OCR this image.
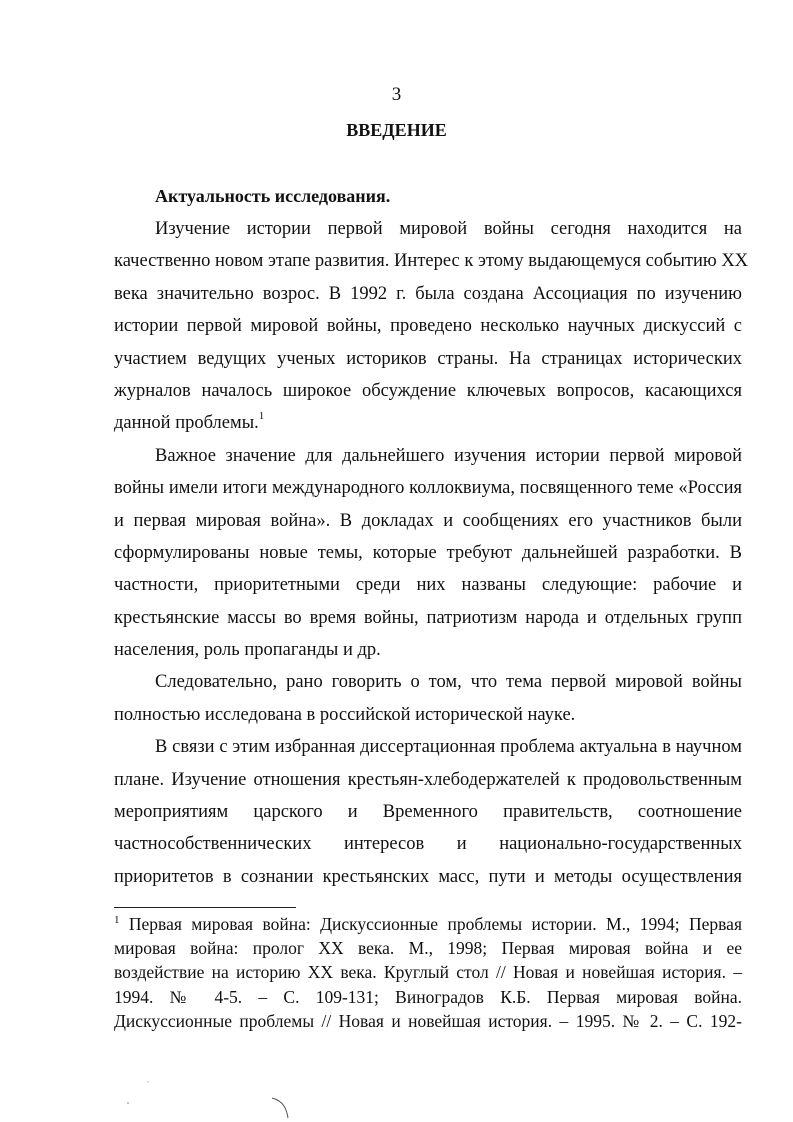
3
ВВЕДЕНИЕ
Актуальность исследования.
Изучение истории первой мировой войны сегодня находится на
качественно новом этапе развития. Интерес к этому выдающемуся событию XX
века значительно возрос. В 1992 г. была создана Ассоциация по изучению
истории первой мировой войны, проведено несколько научных дискуссий с
участием ведущих ученых историков страны. На страницах исторических
журналов началось широкое обсуждение ключевых вопросов, касающихся
данной проблемы.$^1$
Важное значение для дальнейшего изучения истории первой мировой
войны имели итоги международного коллоквиума, посвященного теме «Россия
и первая мировая война». В докладах и сообщениях его участников были
сформулированы новые темы, которые требуют дальнейшей разработки. В
частности, приоритетными среди них названы следующие: рабочие и
крестьянские массы во время войны, патриотизм народа и отдельных групп
населения, роль пропаганды и др.
Следовательно, рано говорить о том, что тема первой мировой войны
полностью исследована в российской исторической науке.
В связи с этим избранная диссертационная проблема актуальна в научном
плане. Изучение отношения крестьян-хлебодержателей к продовольственным
мероприятиям царского и Временного правительств, соотношение
частнособственнических интересов и национально-государственных
приоритетов в сознании крестьянских масс, пути и методы осуществления
$^1$ Первая мировая война: Дискуссионные проблемы истории. М., 1994; Первая
мировая война: пролог XX века. М., 1998; Первая мировая война и ее
воздействие на историю XX века. Круглый стол // Новая и новейшая история. –
1994. № 4-5. – С. 109-131; Виноградов К.Б. Первая мировая война.
Дискуссионные проблемы // Новая и новейшая история. – 1995. № 2. – С. 192-
